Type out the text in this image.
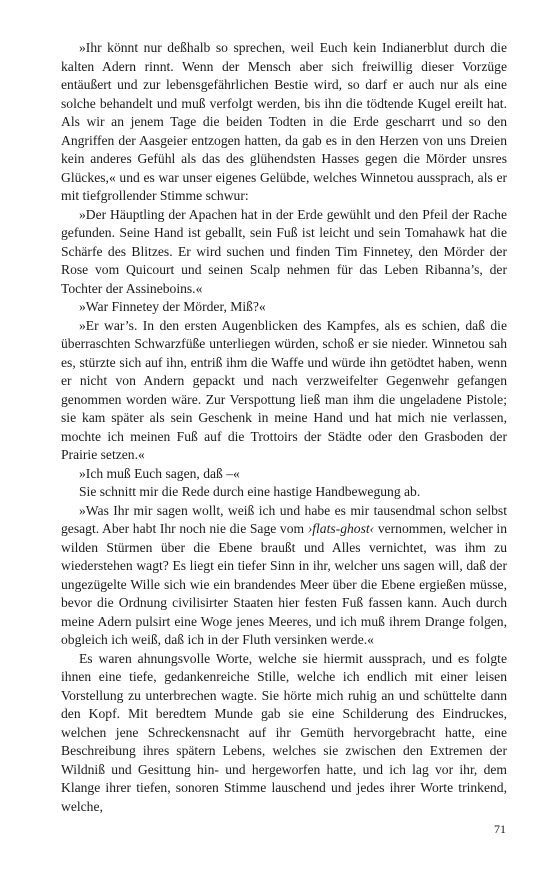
»Ihr könnt nur deßhalb so sprechen, weil Euch kein Indianerblut durch die kalten Adern rinnt. Wenn der Mensch aber sich freiwillig dieser Vorzüge entäußert und zur lebensgefährlichen Bestie wird, so darf er auch nur als eine solche behandelt und muß verfolgt werden, bis ihn die tödtende Kugel ereilt hat. Als wir an jenem Tage die beiden Todten in die Erde gescharrt und so den Angriffen der Aasgeier entzogen hatten, da gab es in den Herzen von uns Dreien kein anderes Gefühl als das des glühendsten Hasses gegen die Mörder unsres Glückes,« und es war unser eigenes Gelübde, welches Winnetou aussprach, als er mit tiefgrollender Stimme schwur:

»Der Häuptling der Apachen hat in der Erde gewühlt und den Pfeil der Rache gefunden. Seine Hand ist geballt, sein Fuß ist leicht und sein Tomahawk hat die Schärfe des Blitzes. Er wird suchen und finden Tim Finnetey, den Mörder der Rose vom Quicourt und seinen Scalp nehmen für das Leben Ribanna’s, der Tochter der Assineboins.«

»War Finnetey der Mörder, Miß?«

»Er war’s. In den ersten Augenblicken des Kampfes, als es schien, daß die überraschten Schwarzfüße unterliegen würden, schoß er sie nieder. Winnetou sah es, stürzte sich auf ihn, entriß ihm die Waffe und würde ihn getödtet haben, wenn er nicht von Andern gepackt und nach verzweifelter Gegenwehr gefangen genommen worden wäre. Zur Verspottung ließ man ihm die ungeladene Pistole; sie kam später als sein Geschenk in meine Hand und hat mich nie verlassen, mochte ich meinen Fuß auf die Trottoirs der Städte oder den Grasboden der Prairie setzen.«

»Ich muß Euch sagen, daß –«

Sie schnitt mir die Rede durch eine hastige Handbewegung ab.

»Was Ihr mir sagen wollt, weiß ich und habe es mir tausendmal schon selbst gesagt. Aber habt Ihr noch nie die Sage vom ›flats-ghost‹ vernommen, welcher in wilden Stürmen über die Ebene braußt und Alles vernichtet, was ihm zu wiederstehen wagt? Es liegt ein tiefer Sinn in ihr, welcher uns sagen will, daß der ungezügelte Wille sich wie ein brandendes Meer über die Ebene ergießen müsse, bevor die Ordnung civilisirter Staaten hier festen Fuß fassen kann. Auch durch meine Adern pulsirt eine Woge jenes Meeres, und ich muß ihrem Drange folgen, obgleich ich weiß, daß ich in der Fluth versinken werde.«

Es waren ahnungsvolle Worte, welche sie hiermit aussprach, und es folgte ihnen eine tiefe, gedankenreiche Stille, welche ich endlich mit einer leisen Vorstellung zu unterbrechen wagte. Sie hörte mich ruhig an und schüttelte dann den Kopf. Mit beredtem Munde gab sie eine Schilderung des Eindruckes, welchen jene Schreckensnacht auf ihr Gemüth hervorgebracht hatte, eine Beschreibung ihres spätern Lebens, welches sie zwischen den Extremen der Wildniß und Gesittung hin- und hergeworfen hatte, und ich lag vor ihr, dem Klange ihrer tiefen, sonoren Stimme lauschend und jedes ihrer Worte trinkend, welche,

71
